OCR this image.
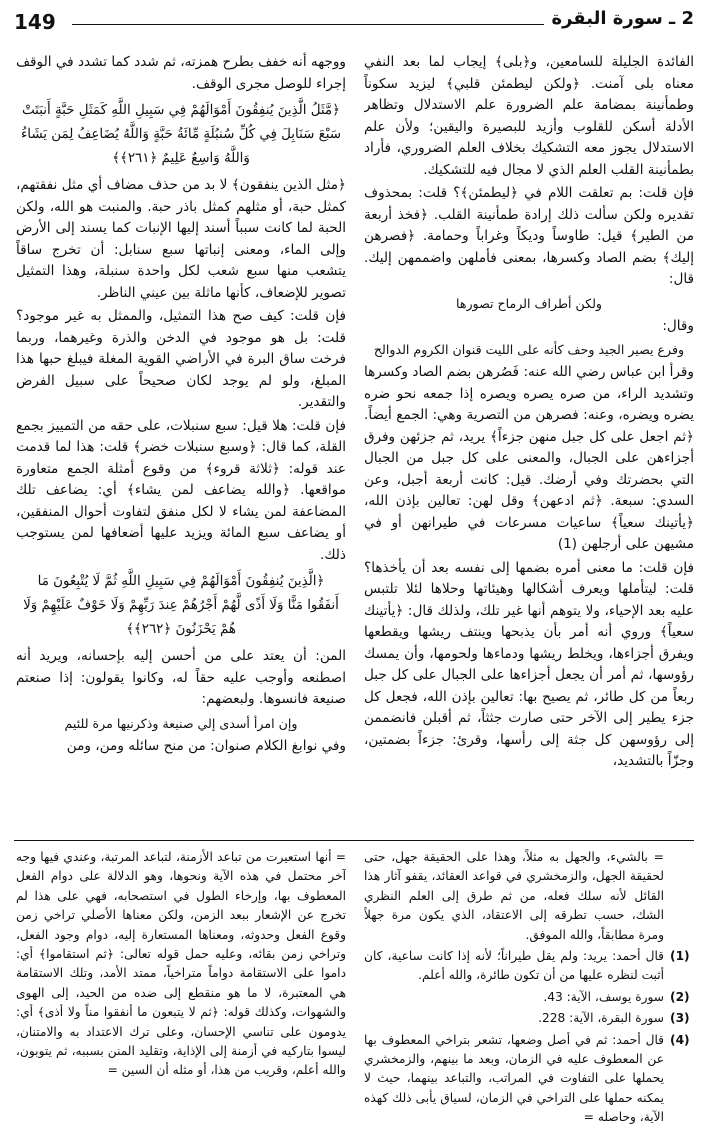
2 ـ سورة البقرة
149

الفائدة الجليلة للسامعين، و﴿بلى﴾ إيجاب لما بعد النفي معناه بلى آمنت. ﴿ولكن ليطمئن قلبي﴾ ليزيد سكوناً وطمأنينة بمضامة علم الضرورة علم الاستدلال وتظاهر الأدلة أسكن للقلوب وأزيد للبصيرة واليقين؛ ولأن علم الاستدلال يجوز معه التشكيك بخلاف العلم الضروري، فأراد بطمأنينة القلب العلم الذي لا مجال فيه للتشكيك.

فإن قلت: بم تعلقت اللام في ﴿ليطمئن﴾؟ قلت: بمحذوف تقديره ولكن سألت ذلك إرادة طمأنينة القلب. ﴿فخذ أربعة من الطير﴾ قيل: طاوساً وديكاً وغراباً وحمامة. ﴿فصرهن إليك﴾ بضم الصاد وكسرها، بمعنى فأملهن واضممهن إليك. قال:

ولكن أطراف الرماح تصورها

وقال:

وفرع يصير الجيد وحف كأنه على الليت قنوان الكروم الدوالح

وقرأ ابن عباس رضي الله عنه: فَصُرهن بضم الصاد وكسرها وتشديد الراء، من صره يصره ويصره إذا جمعه نحو ضره يضره ويضره، وعنه: فصرهن من التصرية وهي: الجمع أيضاً. ﴿ثم اجعل على كل جبل منهن جزءاً﴾ يريد، ثم جزئهن وفرق أجزاءهن على الجبال، والمعنى على كل جبل من الجبال التي بحضرتك وفي أرضك. قيل: كانت أربعة أجبل، وعن السدي: سبعة. ﴿ثم ادعهن﴾ وقل لهن: تعالين بإذن الله، ﴿يأتينك سعياً﴾ ساعيات مسرعات في طيرانهن أو في مشيهن على أرجلهن (1)

فإن قلت: ما معنى أمره بضمها إلى نفسه بعد أن يأخذها؟ قلت: ليتأملها ويعرف أشكالها وهيئاتها وحلاها لئلا تلتبس عليه بعد الإحياء، ولا يتوهم أنها غير تلك، ولذلك قال: ﴿يأتينك سعياً﴾ وروي أنه أمر بأن يذبحها وينتف ريشها ويقطعها ويفرق أجزاءها، ويخلط ريشها ودماءها ولحومها، وأن يمسك رؤوسها، ثم أمر أن يجعل أجزاءها على الجبال على كل جبل ربعاً من كل طائر، ثم يصيح بها: تعالين بإذن الله، فجعل كل جزء يطير إلى الآخر حتى صارت جثثاً، ثم أقبلن فانضممن إلى رؤوسهن كل جثة إلى رأسها، وقرئ: جزءاً بضمتين، وجزّاً بالتشديد،

ووجهه أنه خفف بطرح همزته، ثم شدد كما تشدد في الوقف إجراء للوصل مجرى الوقف.

﴿مَّثَلُ الَّذِينَ يُنفِقُونَ أَمْوَالَهُمْ فِي سَبِيلِ اللَّهِ كَمَثَلِ حَبَّةٍ أَنبَتَتْ سَبْعَ سَنَابِلَ فِي كُلِّ سُنبُلَةٍ مِّائَةُ حَبَّةٍ وَاللَّهُ يُضَاعِفُ لِمَن يَشَاءُ وَاللَّهُ وَاسِعٌ عَلِيمٌ ﴿٢٦١﴾﴾

﴿مثل الذين ينفقون﴾ لا بد من حذف مضاف أي مثل نفقتهم، كمثل حبة، أو مثلهم كمثل باذر حبة. والمنبت هو الله، ولكن الحبة لما كانت سبباً أسند إليها الإنبات كما يسند إلى الأرض وإلى الماء، ومعنى إنباتها سبع سنابل: أن تخرج ساقاً يتشعب منها سبع شعب لكل واحدة سنبلة، وهذا التمثيل تصوير للإضعاف، كأنها ماثلة بين عيني الناظر.

فإن قلت: كيف صح هذا التمثيل، والممثل به غير موجود؟ قلت: بل هو موجود في الدخن والذرة وغيرهما، وربما فرخت ساق البرة في الأراضي القوية المغلة فيبلغ حبها هذا المبلغ، ولو لم يوجد لكان صحيحاً على سبيل الفرض والتقدير.

فإن قلت: هلا قيل: سبع سنبلات، على حقه من التمييز بجمع القلة، كما قال: ﴿وسبع سنبلات خضر﴾ قلت: هذا لما قدمت عند قوله: ﴿ثلاثة قروء﴾ من وقوع أمثلة الجمع متعاورة مواقعها. ﴿والله يضاعف لمن يشاء﴾ أي: يضاعف تلك المضاعفة لمن يشاء لا لكل منفق لتفاوت أحوال المنفقين، أو يضاعف سبع المائة ويزيد عليها أضعافها لمن يستوجب ذلك.

﴿الَّذِينَ يُنفِقُونَ أَمْوَالَهُمْ فِي سَبِيلِ اللَّهِ ثُمَّ لَا يُتْبِعُونَ مَا أَنفَقُوا مَنًّا وَلَا أَذًى لَّهُمْ أَجْرُهُمْ عِندَ رَبِّهِمْ وَلَا خَوْفٌ عَلَيْهِمْ وَلَا هُمْ يَحْزَنُونَ ﴿٢٦٢﴾﴾

المن: أن يعتد على من أحسن إليه بإحسانه، ويريد أنه اصطنعه وأوجب عليه حقاً له، وكانوا يقولون: إذا صنعتم صنيعة فانسوها. ولبعضهم:

وإن امرأ أسدى إلي صنيعة وذكرنيها مرة للئيم

وفي نوابغ الكلام صنوان: من منح سائله ومن، ومن

= بالشيء، والجهل به مثلاً، وهذا على الحقيقة جهل، حتى لحقيقة الجهل، والزمخشري في قواعد العقائد، يقفو آثار هذا القائل لأنه سلك فعله، من ثم طرق إلى العلم النظري الشك، حسب تطرقه إلى الاعتقاد، الذي يكون مرة جهلاً ومرة مطابقاً، والله الموفق.
(1)
قال أحمد: يريد: ولم يقل طيراناً؛ لأنه إذا كانت ساعية، كان أثبت لنظره عليها من أن تكون طائرة، والله أعلم.
(2)
سورة يوسف، الآية: 43.
(3)
سورة البقرة، الآية: 228.
(4)
قال أحمد: ثم في أصل وضعها، تشعر بتراخي المعطوف بها عن المعطوف عليه في الزمان، وبعد ما بينهم، والزمخشري يحملها على التفاوت في المراتب، والتباعد بينهما، حيث لا يمكنه حملها على التراخي في الزمان، لسياق يأبى ذلك كهذه الآية، وحاصله =

= أنها استعيرت من تباعد الأزمنة، لتباعد المرتبة، وعندي فيها وجه آخر محتمل في هذه الآية ونحوها، وهو الدلالة على دوام الفعل المعطوف بها، وإرخاء الطول في استصحابه، فهي على هذا لم تخرج عن الإشعار ببعد الزمن، ولكن معناها الأصلي تراخي زمن وقوع الفعل وحدوثه، ومعناها المستعارة إليه، دوام وجود الفعل، وتراخي زمن بقائه، وعليه حمل قوله تعالى: ﴿ثم استقاموا﴾ أي: داموا على الاستقامة دواماً متراخياً، ممتد الأمد، وتلك الاستقامة هي المعتبرة، لا ما هو منقطع إلى ضده من الحيد، إلى الهوى والشهوات، وكذلك قوله: ﴿ثم لا يتبعون ما أنفقوا مناً ولا أذى﴾ أي: يدومون على تناسي الإحسان، وعلى ترك الاعتداد به والامتنان، ليسوا بتاركيه في أزمنة إلى الإذاية، وتقليد المنن بسببه، ثم يتوبون، والله أعلم، وقريب من هذا، أو مثله أن السين =
